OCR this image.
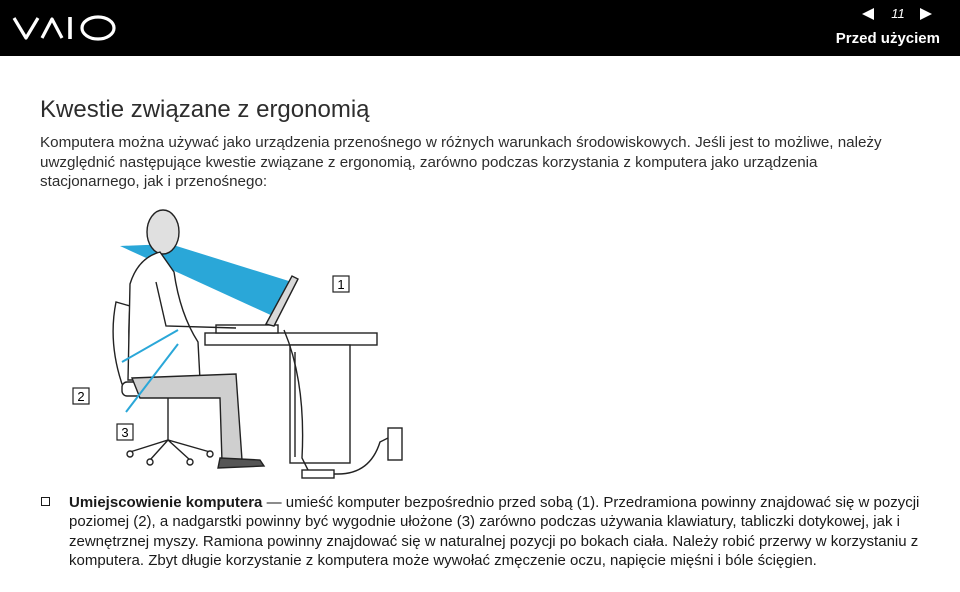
11
Przed użyciem
Kwestie związane z ergonomią

Komputera można używać jako urządzenia przenośnego w różnych warunkach środowiskowych. Jeśli jest to możliwe, należy uwzględnić następujące kwestie związane z ergonomią, zarówno podczas korzystania z komputera jako urządzenia stacjonarnego, jak i przenośnego:

1
2
3

Umiejscowienie komputera — umieść komputer bezpośrednio przed sobą (1). Przedramiona powinny znajdować się w pozycji poziomej (2), a nadgarstki powinny być wygodnie ułożone (3) zarówno podczas używania klawiatury, tabliczki dotykowej, jak i zewnętrznej myszy. Ramiona powinny znajdować się w naturalnej pozycji po bokach ciała. Należy robić przerwy w korzystaniu z komputera. Zbyt długie korzystanie z komputera może wywołać zmęczenie oczu, napięcie mięśni i bóle ścięgien.
